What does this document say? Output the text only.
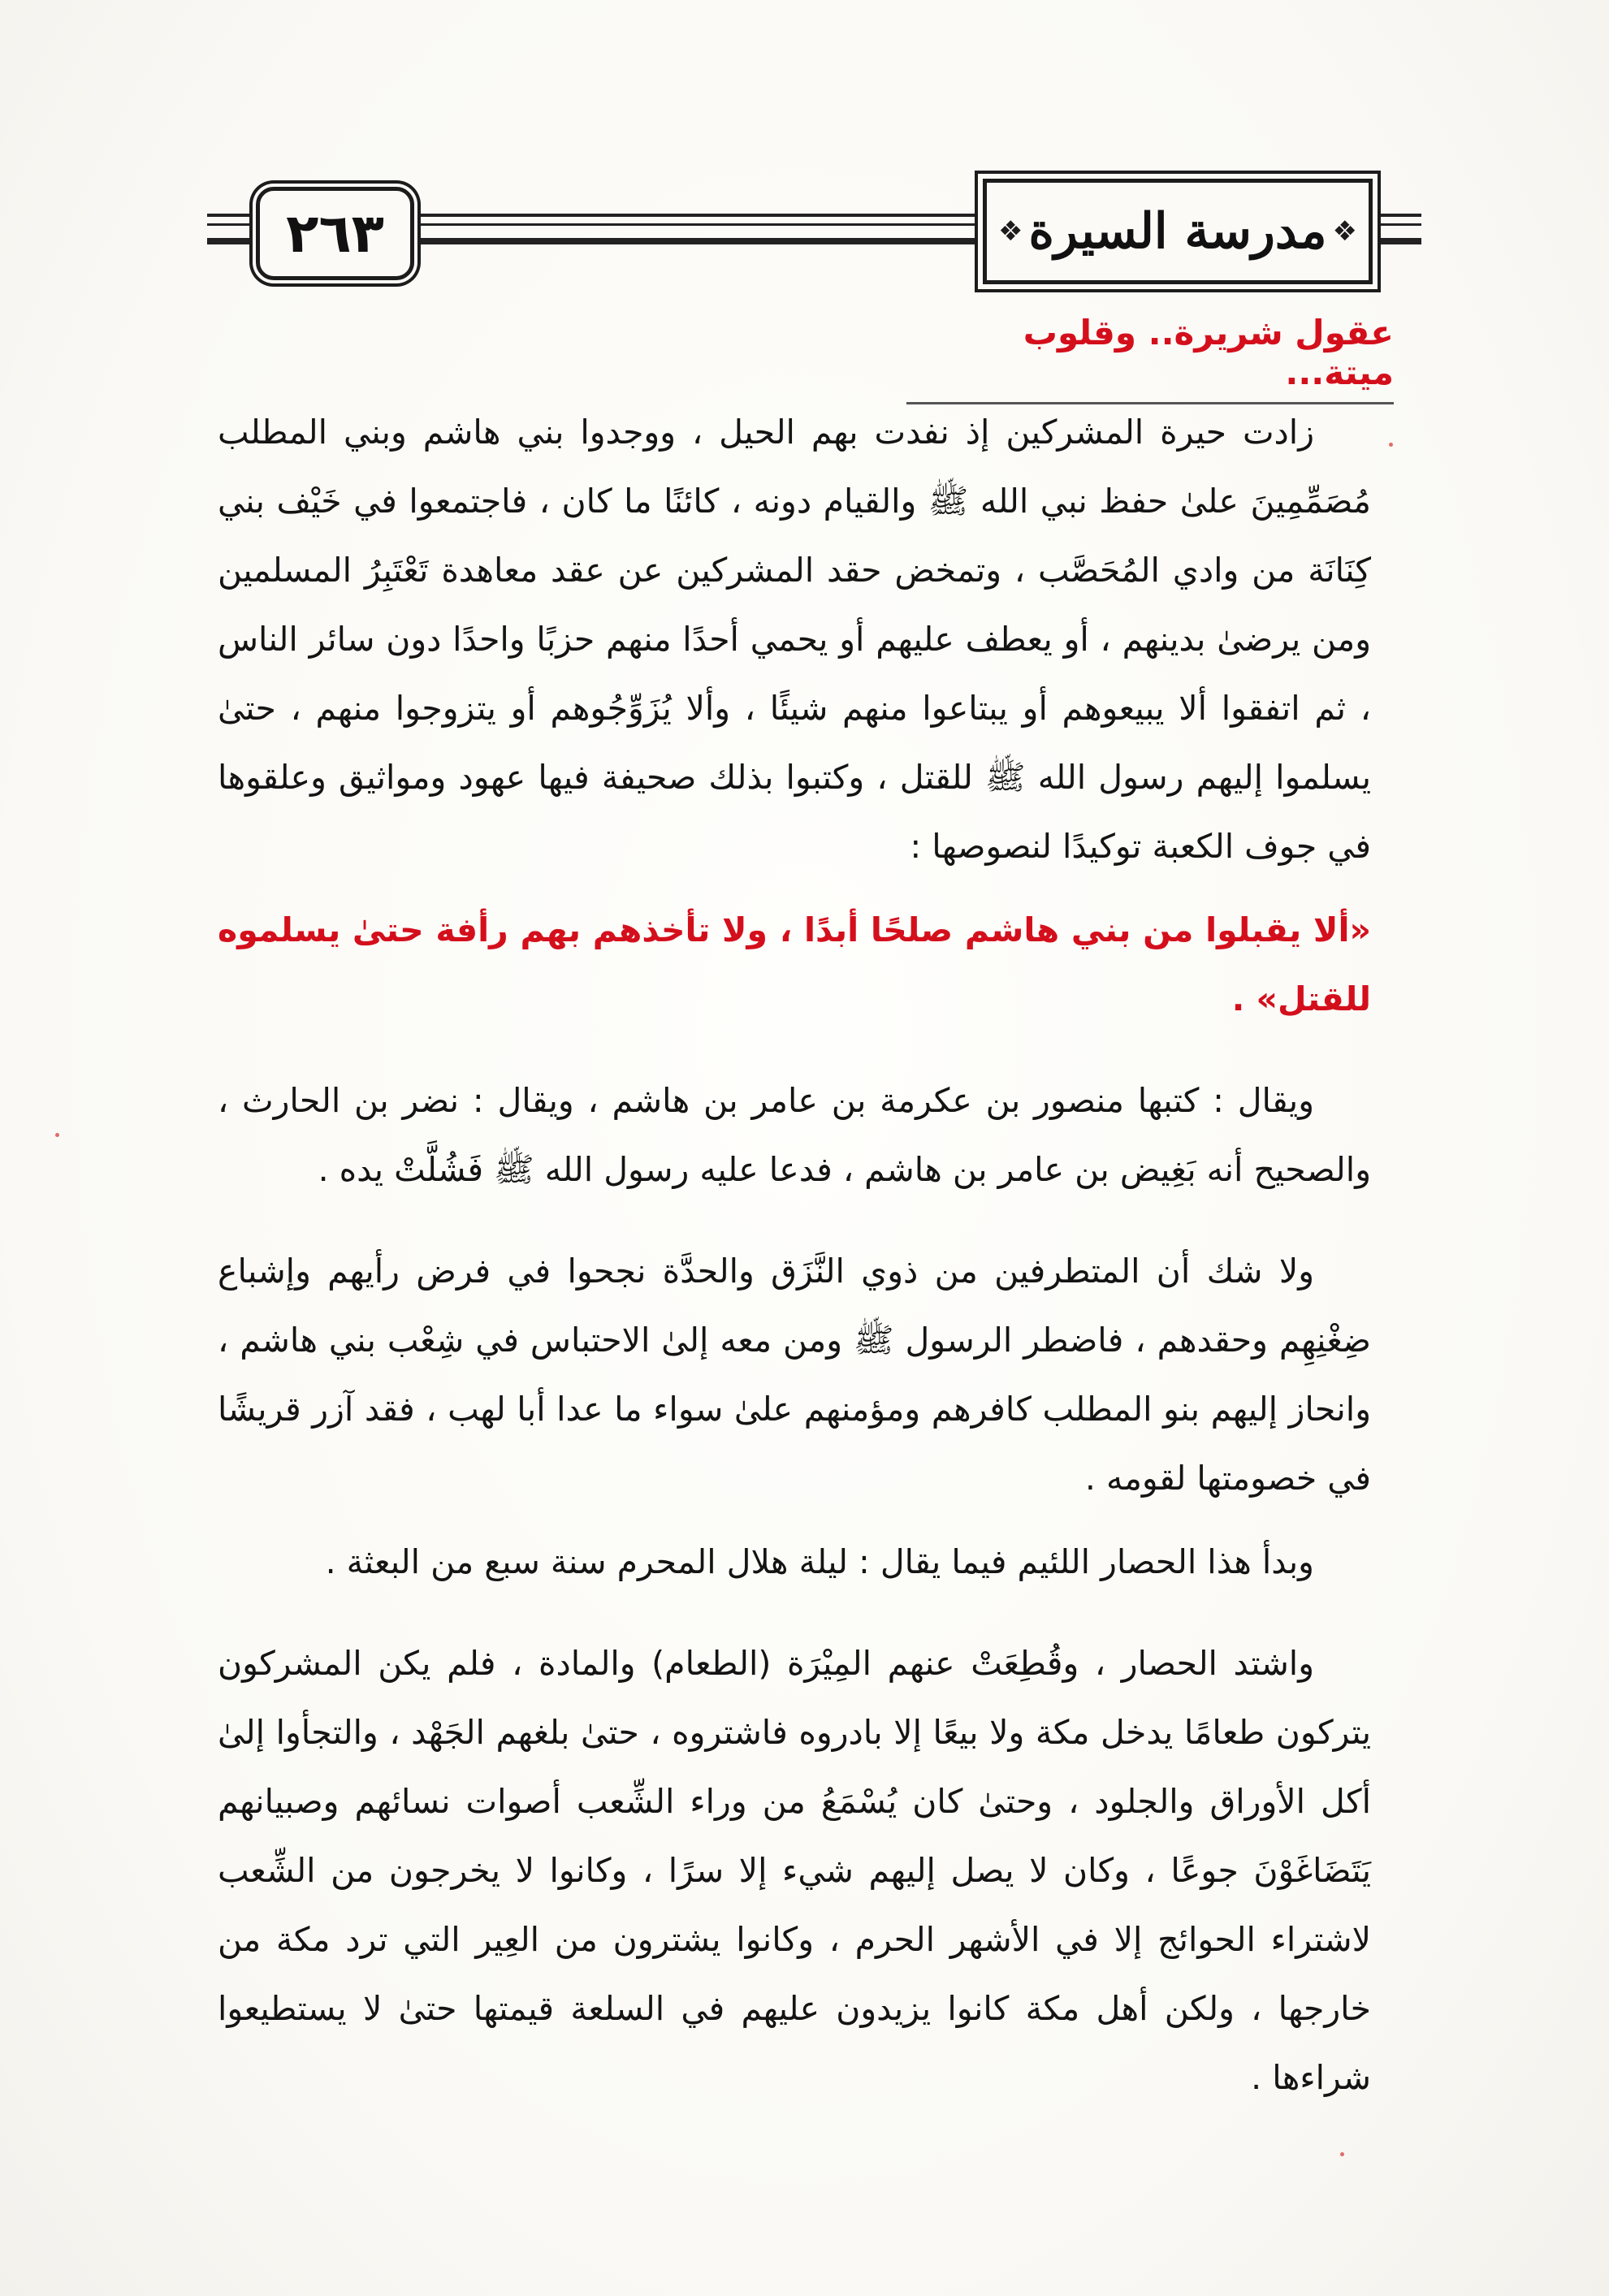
٢٦٣	❖ مدرسة السيرة ❖
عقول شريرة.. وقلوب ميتة...

زادت حيرة المشركين إذ نفدت بهم الحيل ، ووجدوا بني هاشم وبني المطلب مُصَمِّمِينَ علىٰ حفظ نبي الله ﷺ والقيام دونه ، كائنًا ما كان ، فاجتمعوا في خَيْف بني كِنَانَة من وادي المُحَصَّب ، وتمخض حقد المشركين عن عقد معاهدة تَعْتَبِرُ المسلمين ومن يرضىٰ بدينهم ، أو يعطف عليهم أو يحمي أحدًا منهم حزبًا واحدًا دون سائر الناس ، ثم اتفقوا ألا يبيعوهم أو يبتاعوا منهم شيئًا ، وألا يُزَوِّجُوهم أو يتزوجوا منهم ، حتىٰ يسلموا إليهم رسول الله ﷺ للقتل ، وكتبوا بذلك صحيفة فيها عهود ومواثيق وعلقوها في جوف الكعبة توكيدًا لنصوصها :

«ألا يقبلوا من بني هاشم صلحًا أبدًا ، ولا تأخذهم بهم رأفة حتىٰ يسلموه للقتل» .

ويقال : كتبها منصور بن عكرمة بن عامر بن هاشم ، ويقال : نضر بن الحارث ، والصحيح أنه بَغِيض بن عامر بن هاشم ، فدعا عليه رسول الله ﷺ فَشُلَّتْ يده .

ولا شك أن المتطرفين من ذوي النَّزَق والحدَّة نجحوا في فرض رأيهم وإشباع ضِغْنِهِم وحقدهم ، فاضطر الرسول ﷺ ومن معه إلىٰ الاحتباس في شِعْب بني هاشم ، وانحاز إليهم بنو المطلب كافرهم ومؤمنهم علىٰ سواء ما عدا أبا لهب ، فقد آزر قريشًا في خصومتها لقومه .

وبدأ هذا الحصار اللئيم فيما يقال : ليلة هلال المحرم سنة سبع من البعثة .

واشتد الحصار ، وقُطِعَتْ عنهم المِيْرَة (الطعام) والمادة ، فلم يكن المشركون يتركون طعامًا يدخل مكة ولا بيعًا إلا بادروه فاشتروه ، حتىٰ بلغهم الجَهْد ، والتجأوا إلىٰ أكل الأوراق والجلود ، وحتىٰ كان يُسْمَعُ من وراء الشِّعب أصوات نسائهم وصبيانهم يَتَضَاغَوْنَ جوعًا ، وكان لا يصل إليهم شيء إلا سرًا ، وكانوا لا يخرجون من الشِّعب لاشتراء الحوائج إلا في الأشهر الحرم ، وكانوا يشترون من العِير التي ترد مكة من خارجها ، ولكن أهل مكة كانوا يزيدون عليهم في السلعة قيمتها حتىٰ لا يستطيعوا شراءها .
